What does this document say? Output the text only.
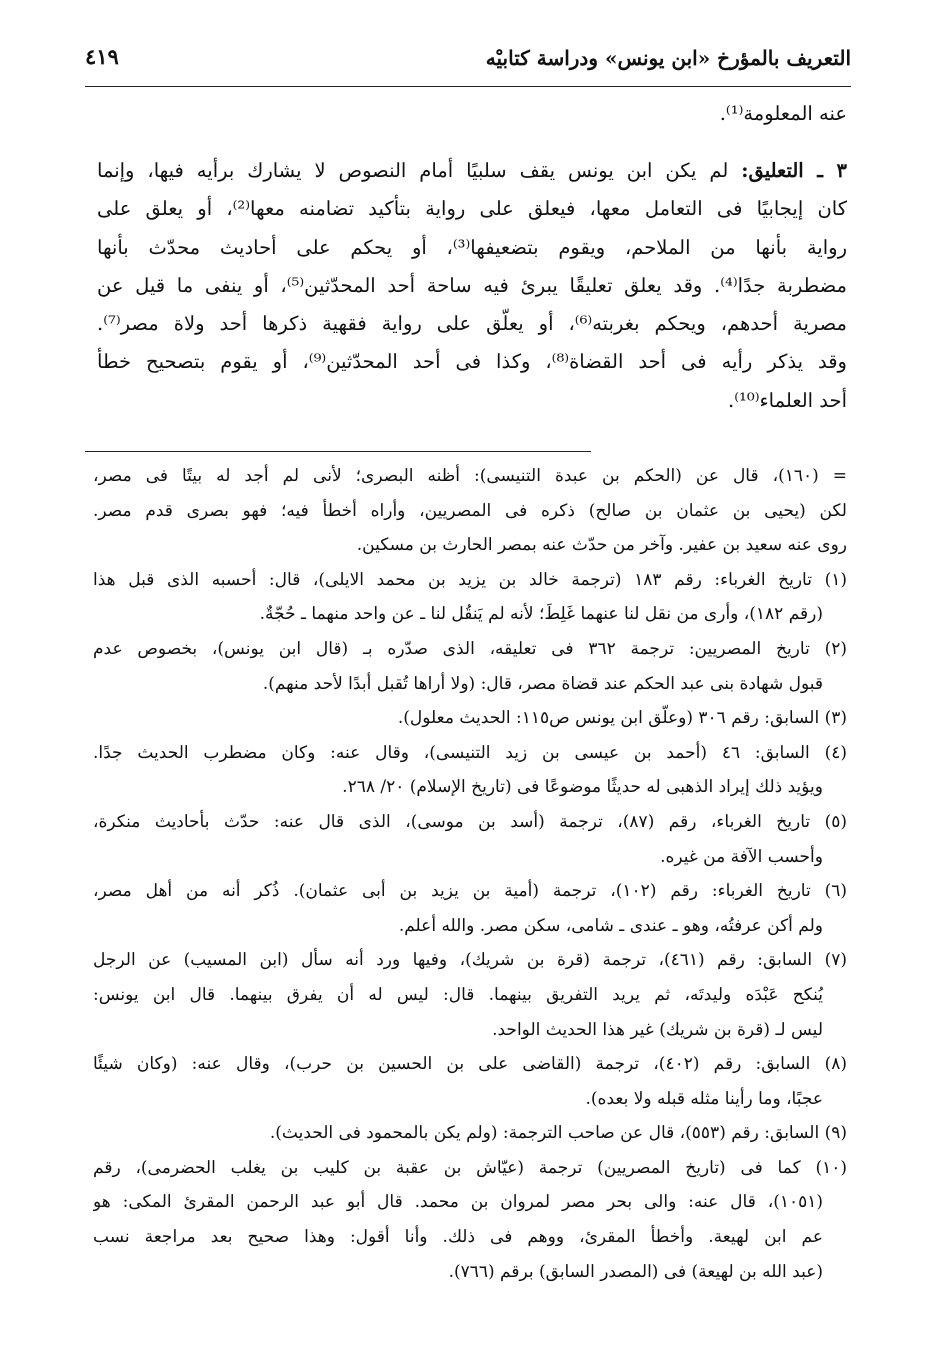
التعريف بالمؤرخ «ابن يونس» ودراسة كتابيْه
٤١٩
عنه المعلومة⁽¹⁾.
٣ ـ التعليق: لم يكن ابن يونس يقف سلبيًا أمام النصوص لا يشارك برأيه فيها، وإنما
كان إيجابيًا فى التعامل معها، فيعلق على رواية بتأكيد تضامنه معها⁽²⁾، أو يعلق على
رواية بأنها من الملاحم، ويقوم بتضعيفها⁽³⁾، أو يحكم على أحاديث محدّث بأنها
مضطربة جدًا⁽⁴⁾. وقد يعلق تعليقًا يبرئ فيه ساحة أحد المحدّثين⁽⁵⁾، أو ينفى ما قيل عن
مصرية أحدهم، ويحكم بغربته⁽⁶⁾، أو يعلّق على رواية فقهية ذكرها أحد ولاة مصر⁽⁷⁾.
وقد يذكر رأيه فى أحد القضاة⁽⁸⁾، وكذا فى أحد المحدّثين⁽⁹⁾، أو يقوم بتصحيح خطأ
أحد العلماء⁽¹⁰⁾.
= (١٦٠)، قال عن (الحكم بن عبدة التنيسى): أظنه البصرى؛ لأنى لم أجد له بيتًا فى مصر،
لكن (يحيى بن عثمان بن صالح) ذكره فى المصريين، وأراه أخطأ فيه؛ فهو بصرى قدم مصر.
روى عنه سعيد بن عفير. وآخر من حدّث عنه بمصر الحارث بن مسكين.
(١) تاريخ الغرباء: رقم ١٨٣ (ترجمة خالد بن يزيد بن محمد الايلى)، قال: أحسبه الذى قبل هذا
(رقم ١٨٢)، وأرى من نقل لنا عنهما غَلِطَ؛ لأنه لم يَنقُل لنا ـ عن واحد منهما ـ حُجّةٌ.
(٢) تاريخ المصريين: ترجمة ٣٦٢ فى تعليقه، الذى صدّره بـ (قال ابن يونس)، بخصوص عدم
قبول شهادة بنى عبد الحكم عند قضاة مصر، قال: (ولا أراها تُقبل أبدًا لأحد منهم).
(٣) السابق: رقم ٣٠٦ (وعلّق ابن يونس ص١١٥: الحديث معلول).
(٤) السابق: ٤٦ (أحمد بن عيسى بن زيد التنيسى)، وقال عنه: وكان مضطرب الحديث جدًا.
ويؤيد ذلك إيراد الذهبى له حديثًا موضوعًا فى (تاريخ الإسلام) ٢٠/ ٢٦٨.
(٥) تاريخ الغرباء، رقم (٨٧)، ترجمة (أسد بن موسى)، الذى قال عنه: حدّث بأحاديث منكرة،
وأحسب الآفة من غيره.
(٦) تاريخ الغرباء: رقم (١٠٢)، ترجمة (أمية بن يزيد بن أبى عثمان). ذُكر أنه من أهل مصر،
ولم أكن عرفتُه، وهو ـ عندى ـ شامى، سكن مصر. والله أعلم.
(٧) السابق: رقم (٤٦١)، ترجمة (قرة بن شريك)، وفيها ورد أنه سأل (ابن المسيب) عن الرجل
يُنكح عَبْدَه وليدتَه، ثم يريد التفريق بينهما. قال: ليس له أن يفرق بينهما. قال ابن يونس:
ليس لـ (قرة بن شريك) غير هذا الحديث الواحد.
(٨) السابق: رقم (٤٠٢)، ترجمة (القاضى على بن الحسين بن حرب)، وقال عنه: (وكان شيئًا
عجبًا، وما رأينا مثله قبله ولا بعده).
(٩) السابق: رقم (٥٥٣)، قال عن صاحب الترجمة: (ولم يكن بالمحمود فى الحديث).
(١٠) كما فى (تاريخ المصريين) ترجمة (عيّاش بن عقبة بن كليب بن يغلب الحضرمى)، رقم
(١٠٥١)، قال عنه: والى بحر مصر لمروان بن محمد. قال أبو عبد الرحمن المقرئ المكى: هو
عم ابن لهيعة. وأخطأ المقرئ، ووهم فى ذلك. وأنا أقول: وهذا صحيح بعد مراجعة نسب
(عبد الله بن لهيعة) فى (المصدر السابق) برقم (٧٦٦).
